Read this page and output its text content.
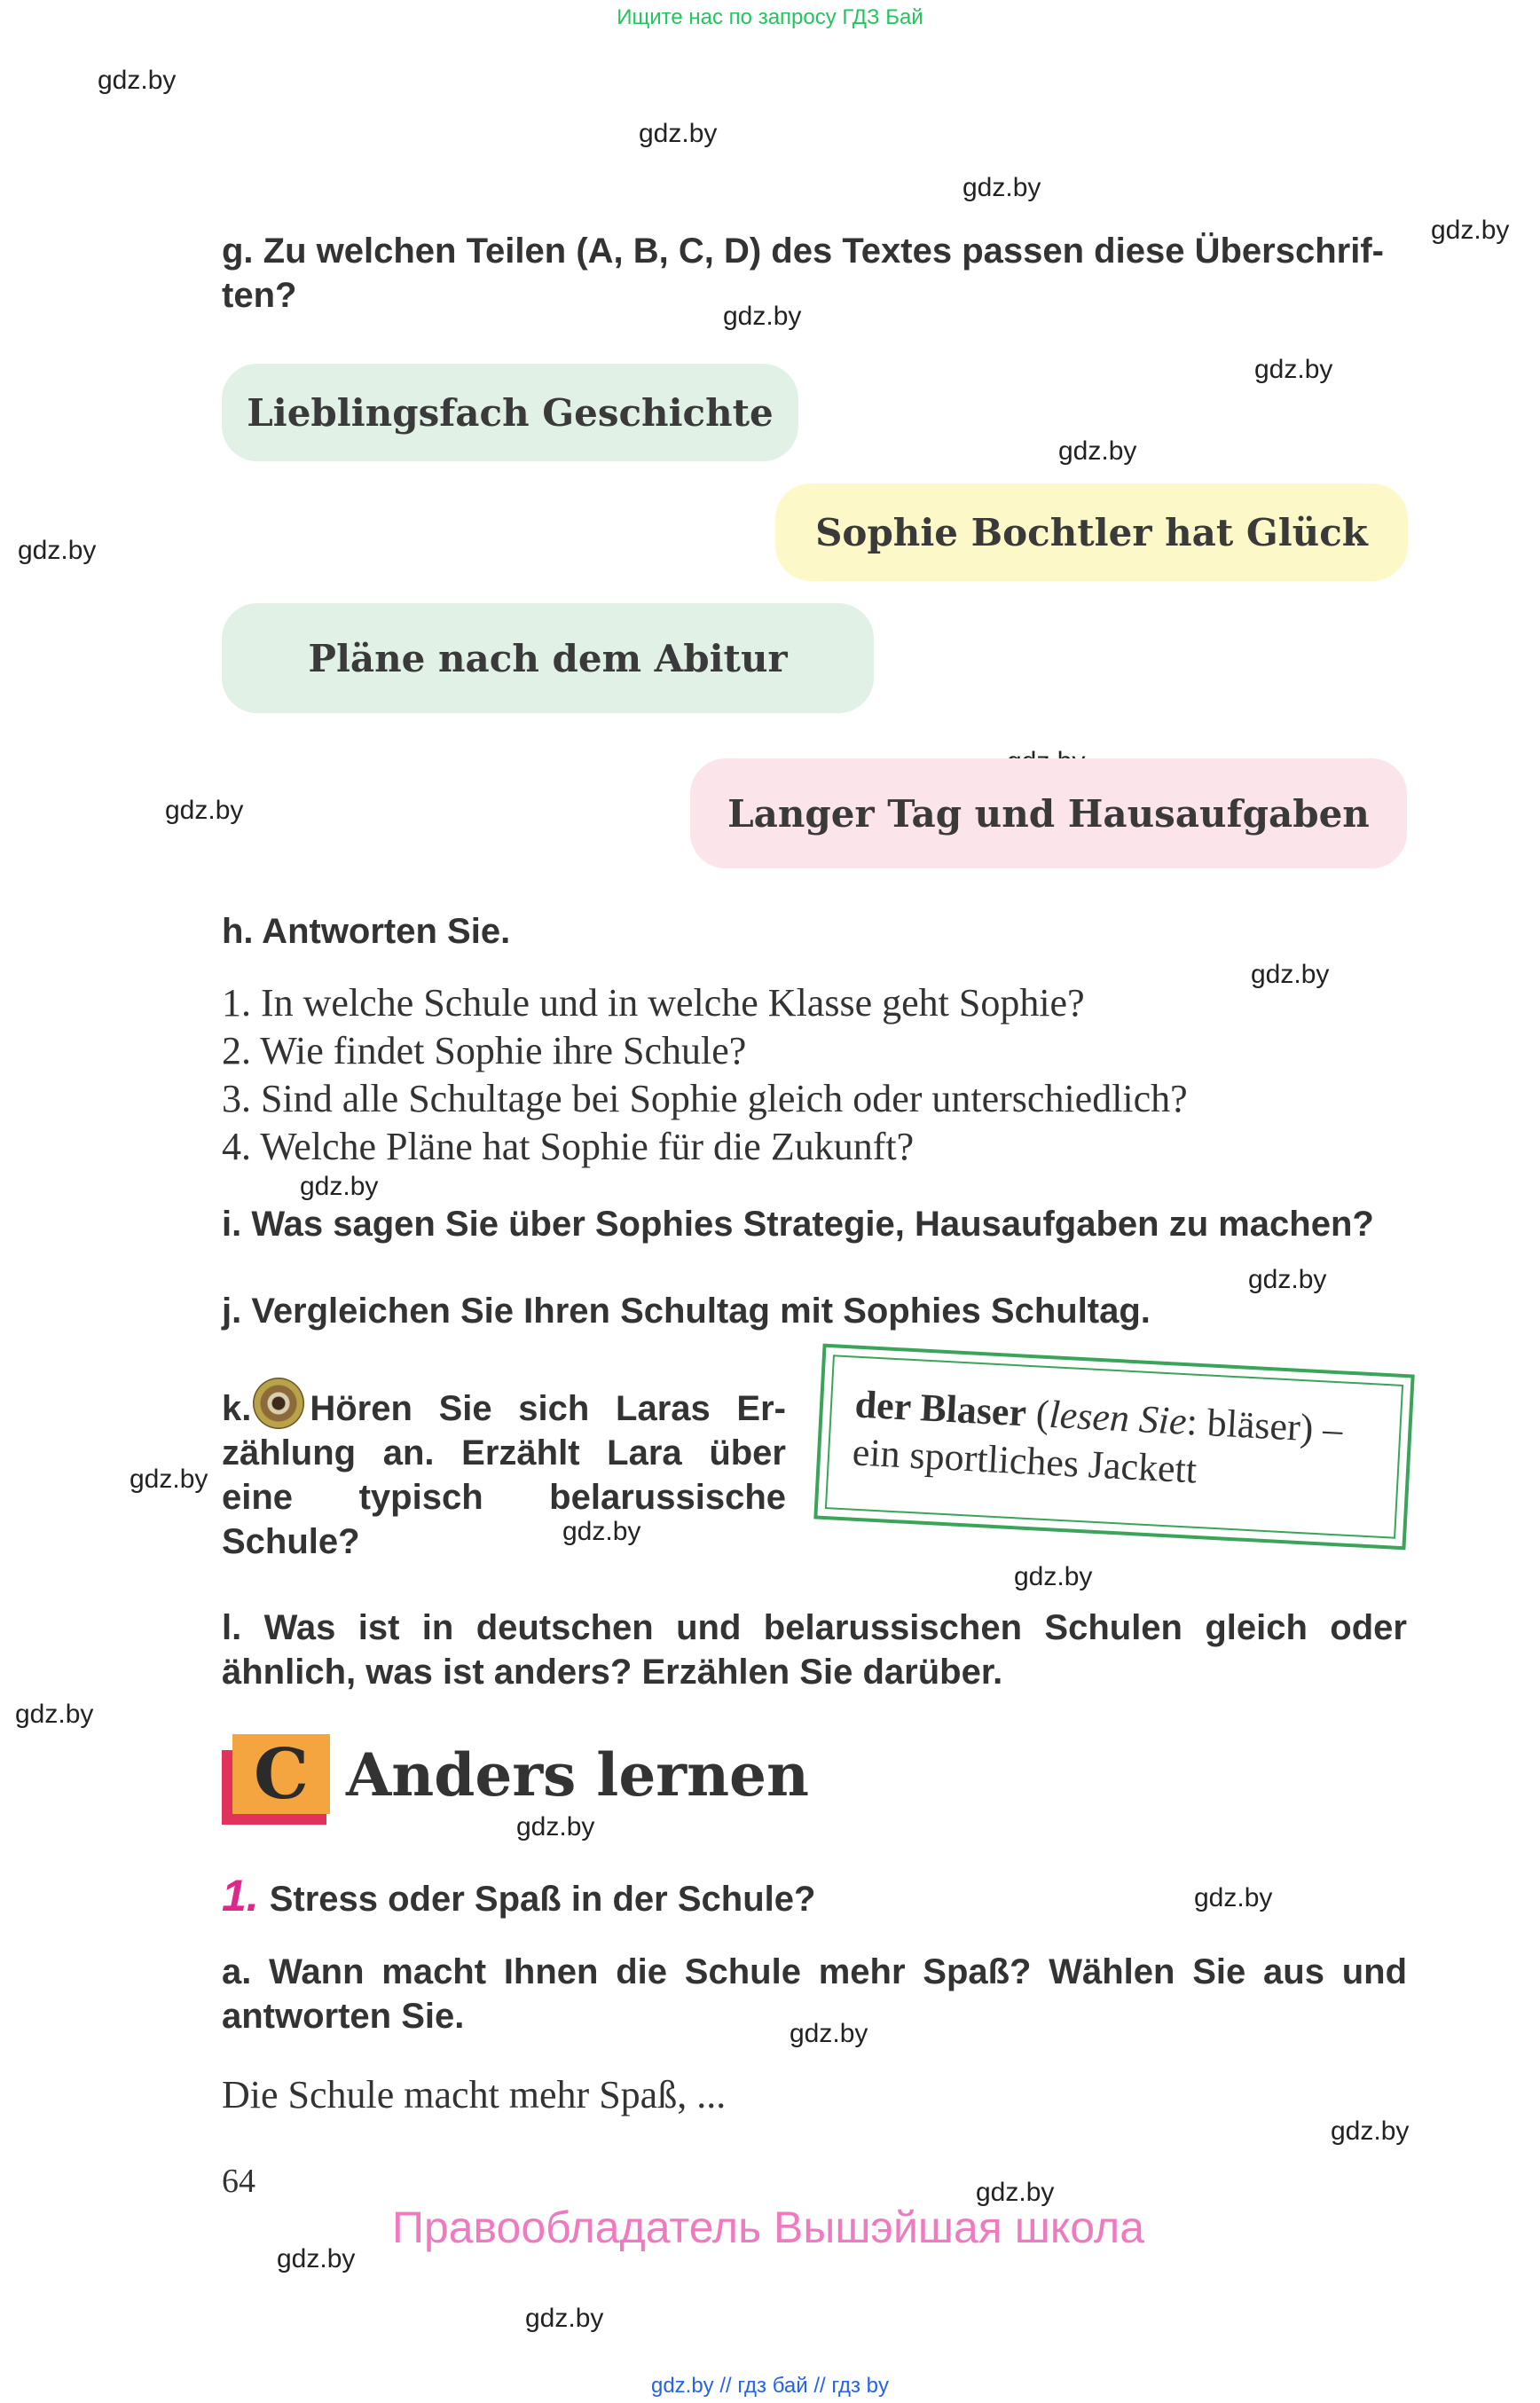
Ищите нас по запросу ГДЗ Бай
gdz.by
gdz.by
gdz.by
gdz.by
gdz.by
gdz.by
gdz.by
gdz.by
gdz.by
gdz.by
gdz.by
gdz.by
gdz.by
gdz.by
gdz.by
gdz.by
gdz.by
gdz.by
gdz.by
gdz.by
gdz.by
gdz.by
gdz.by
g. Zu welchen Teilen (A, B, C, D) des Textes passen diese Überschrif-
ten?
Lieblingsfach Geschichte
Sophie Bochtler hat Glück
Pläne nach dem Abitur
Langer Tag und Hausaufgaben
h. Antworten Sie.
1. In welche Schule und in welche Klasse geht Sophie?
2. Wie findet Sophie ihre Schule?
3. Sind alle Schultage bei Sophie gleich oder unterschiedlich?
4. Welche Pläne hat Sophie für die Zukunft?
i. Was sagen Sie über Sophies Strategie, Hausaufgaben zu machen?
j. Vergleichen Sie Ihren Schultag mit Sophies Schultag.
k. Hören Sie sich Laras Er-
zählung an. Erzählt Lara über
eine typisch belarussische
Schule?
der Blaser (lesen Sie: bläser) –
ein sportliches Jackett
l. Was ist in deutschen und belarussischen Schulen gleich oder
ähnlich, was ist anders? Erzählen Sie darüber.
C Anders lernen
1. Stress oder Spaß in der Schule?
a. Wann macht Ihnen die Schule mehr Spaß? Wählen Sie aus und
antworten Sie.
Die Schule macht mehr Spaß, ...
64
Правообладатель Вышэйшая школа
gdz.by // гдз бай // гдз by
